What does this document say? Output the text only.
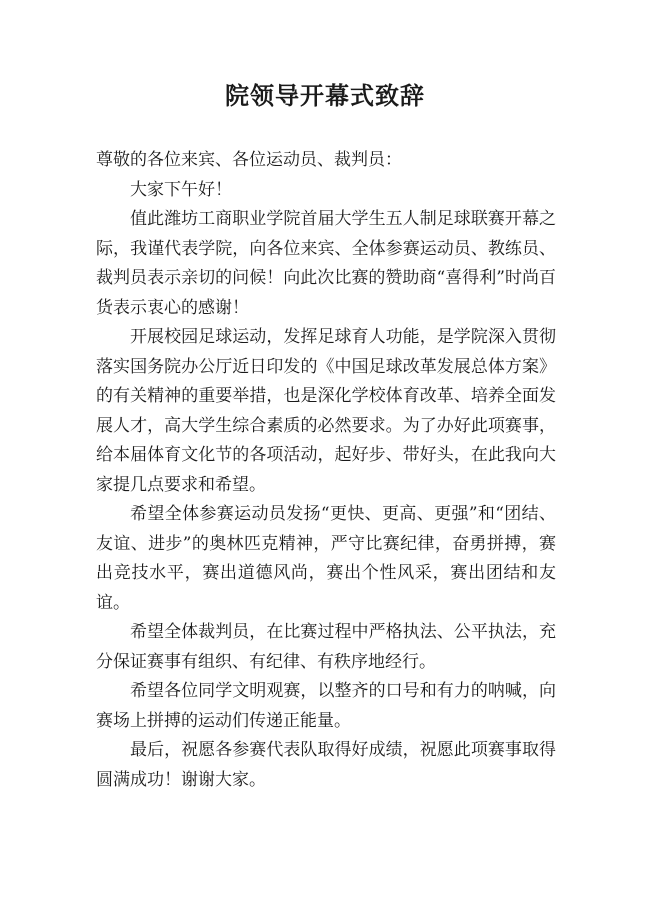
院领导开幕式致辞

尊敬的各位来宾、各位运动员、裁判员：

大家下午好！

值此潍坊工商职业学院首届大学生五人制足球联赛开幕之际，我谨代表学院，向各位来宾、全体参赛运动员、教练员、裁判员表示亲切的问候！向此次比赛的赞助商“喜得利”时尚百货表示衷心的感谢！

开展校园足球运动，发挥足球育人功能，是学院深入贯彻落实国务院办公厅近日印发的《中国足球改革发展总体方案》的有关精神的重要举措，也是深化学校体育改革、培养全面发展人才，高大学生综合素质的必然要求。为了办好此项赛事，给本届体育文化节的各项活动，起好步、带好头，在此我向大家提几点要求和希望。

希望全体参赛运动员发扬“更快、更高、更强”和“团结、友谊、进步”的奥林匹克精神，严守比赛纪律，奋勇拼搏，赛出竞技水平，赛出道德风尚，赛出个性风采，赛出团结和友谊。

希望全体裁判员，在比赛过程中严格执法、公平执法，充分保证赛事有组织、有纪律、有秩序地经行。

希望各位同学文明观赛，以整齐的口号和有力的呐喊，向赛场上拼搏的运动们传递正能量。

最后，祝愿各参赛代表队取得好成绩，祝愿此项赛事取得圆满成功！谢谢大家。
